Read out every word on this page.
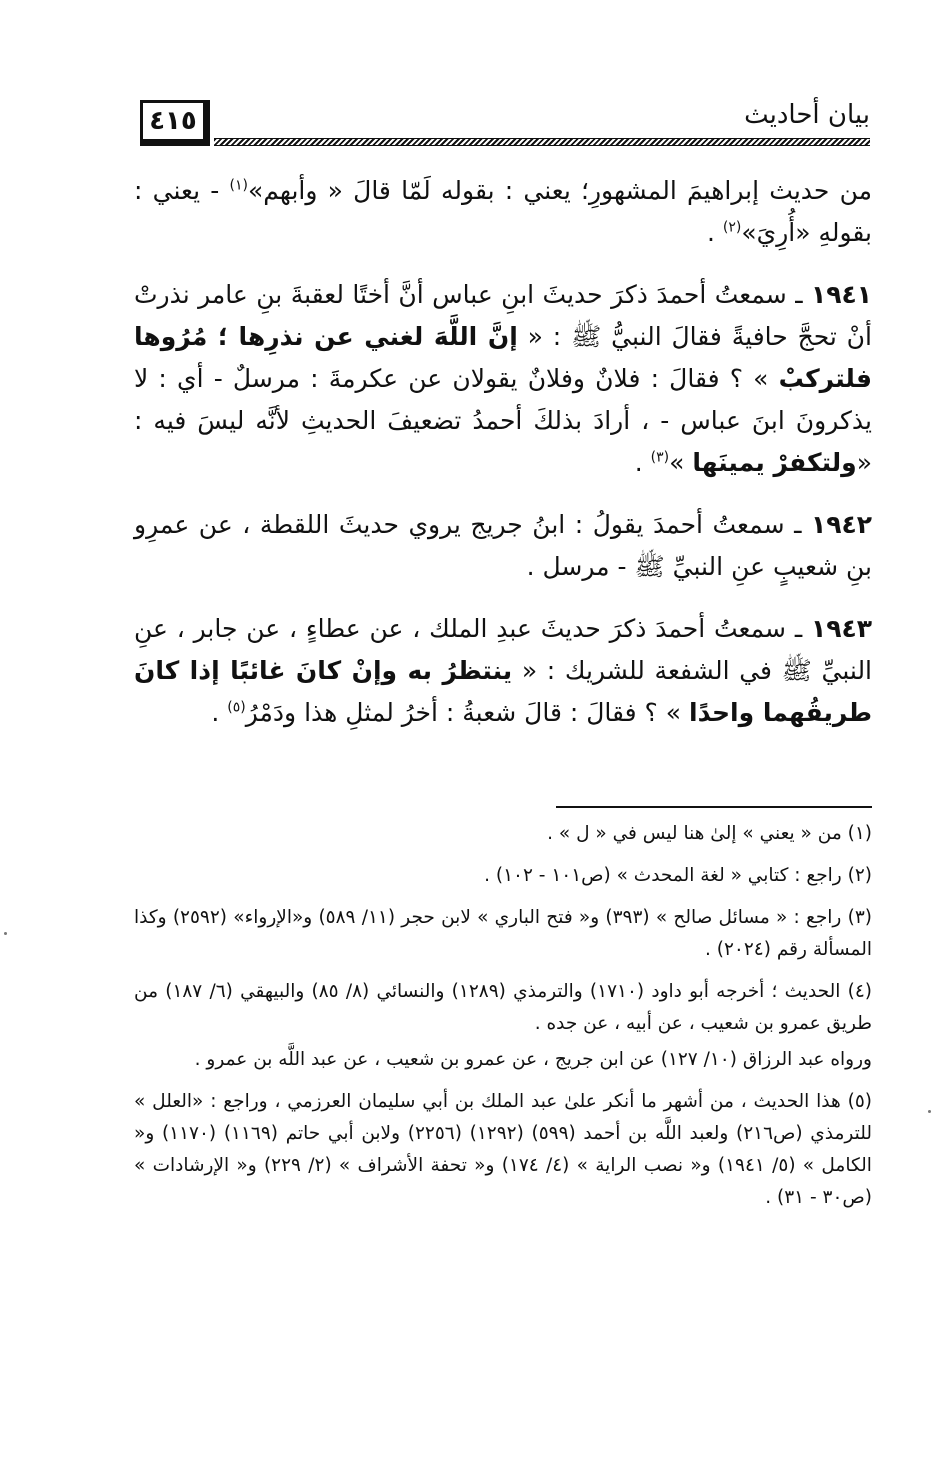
٤١٥	بيان أحاديث

من حديث إبراهيمَ المشهورِ؛ يعني : بقوله لَمّا قالَ « وأبهم»$^{(١)}$ - يعني : بقولهِ «أُرِيَ»$^{(٢)}$ .

١٩٤١ ـ سمعتُ أحمدَ ذكرَ حديثَ ابنِ عباس أنَّ أختًا لعقبةَ بنِ عامر نذرتْ أنْ تحجَّ حافيةً فقالَ النبيُّ ﷺ : « إنَّ اللَّهَ لغني عن نذرِها ؛ مُرُوها فلتركبْ » ؟ فقالَ : فلانٌ وفلانٌ يقولان عن عكرمةَ : مرسلٌ - أي : لا يذكرونَ ابنَ عباس - ، أرادَ بذلكَ أحمدُ تضعيفَ الحديثِ لأنَّه ليسَ فيه : «ولتكفرْ يمينَها »$^{(٣)}$ .

١٩٤٢ ـ سمعتُ أحمدَ يقولُ : ابنُ جريج يروي حديثَ اللقطة ، عن عمرِو بنِ شعيبٍ عنِ النبيِّ ﷺ - مرسل .

١٩٤٣ ـ سمعتُ أحمدَ ذكرَ حديثَ عبدِ الملك ، عن عطاءٍ ، عن جابر ، عنِ النبيِّ ﷺ في الشفعة للشريك : « ينتظرُ به وإنْ كانَ غائبًا إذا كانَ طريقُهما واحدًا » ؟ فقالَ : قالَ شعبةُ : أخرُ لمثلِ هذا ودَمْرُ$^{(٥)}$ .

(١) من « يعني » إلىٰ هنا ليس في « ل » .

(٢) راجع : كتابي « لغة المحدث » (ص١٠١ - ١٠٢) .

(٣) راجع : « مسائل صالح » (٣٩٣) و« فتح الباري » لابن حجر (١١/ ٥٨٩) و«الإرواء» (٢٥٩٢) وكذا المسألة رقم (٢٠٢٤) .

(٤) الحديث ؛ أخرجه أبو داود (١٧١٠) والترمذي (١٢٨٩) والنسائي (٨/ ٨٥) والبيهقي (٦/ ١٨٧) من طريق عمرو بن شعيب ، عن أبيه ، عن جده .

ورواه عبد الرزاق (١٠/ ١٢٧) عن ابن جريج ، عن عمرو بن شعيب ، عن عبد اللَّه بن عمرو .

(٥) هذا الحديث ، من أشهر ما أنكر علىٰ عبد الملك بن أبي سليمان العرزمي ، وراجع : «العلل » للترمذي (ص٢١٦) ولعبد اللَّه بن أحمد (٥٩٩) (١٢٩٢) (٢٢٥٦) ولابن أبي حاتم (١١٦٩) (١١٧٠) و« الكامل » (٥/ ١٩٤١) و« نصب الراية » (٤/ ١٧٤) و« تحفة الأشراف » (٢/ ٢٢٩) و« الإرشادات » (ص٣٠ - ٣١) .
